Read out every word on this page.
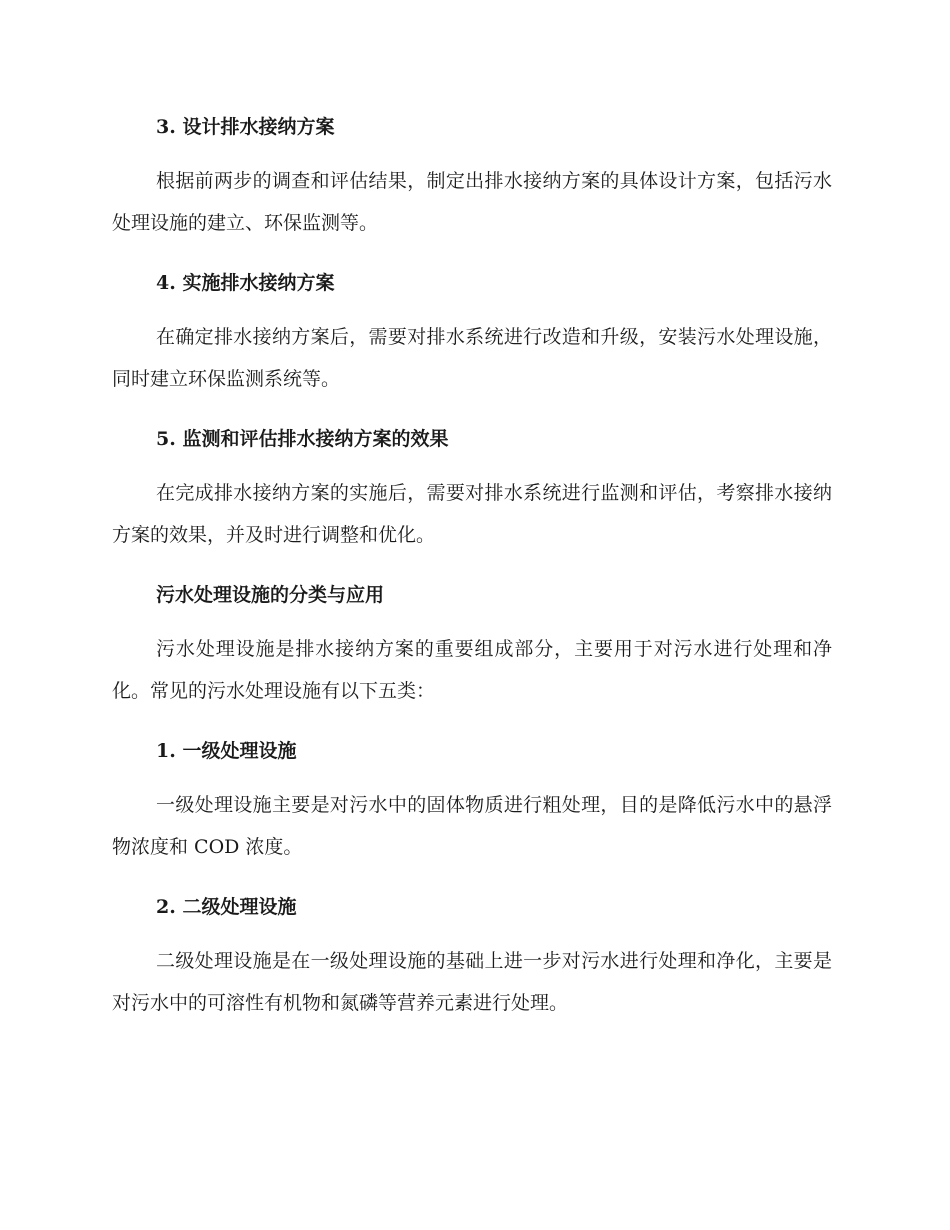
3. 设计排水接纳方案

根据前两步的调查和评估结果，制定出排水接纳方案的具体设计方案，包括污水处理设施的建立、环保监测等。

4. 实施排水接纳方案

在确定排水接纳方案后，需要对排水系统进行改造和升级，安装污水处理设施，同时建立环保监测系统等。

5. 监测和评估排水接纳方案的效果

在完成排水接纳方案的实施后，需要对排水系统进行监测和评估，考察排水接纳方案的效果，并及时进行调整和优化。

污水处理设施的分类与应用

污水处理设施是排水接纳方案的重要组成部分，主要用于对污水进行处理和净化。常见的污水处理设施有以下五类：

1. 一级处理设施

一级处理设施主要是对污水中的固体物质进行粗处理，目的是降低污水中的悬浮物浓度和 COD 浓度。

2. 二级处理设施

二级处理设施是在一级处理设施的基础上进一步对污水进行处理和净化，主要是对污水中的可溶性有机物和氮磷等营养元素进行处理。
